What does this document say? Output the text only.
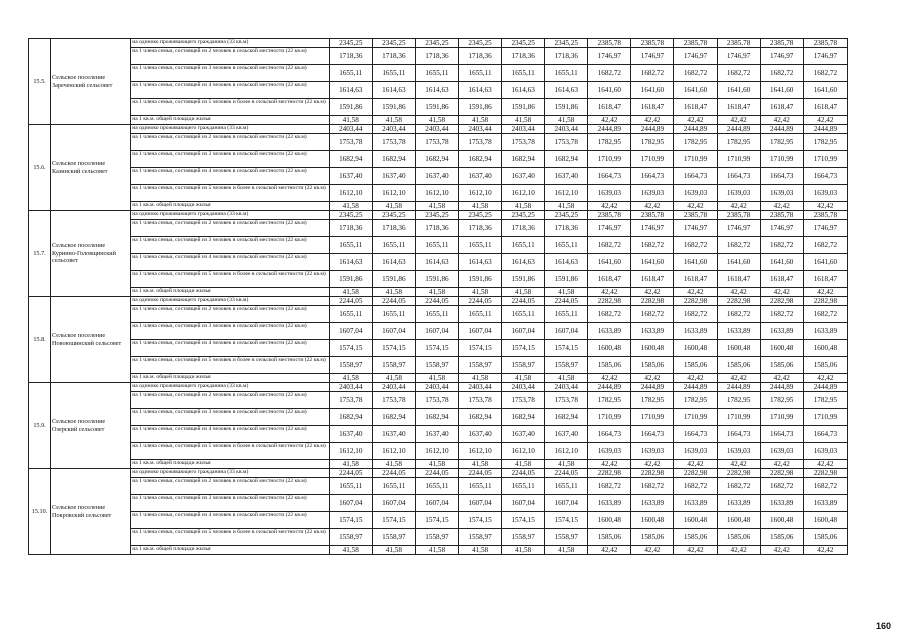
15.5.	Сельское поселение Зареченский сельсовет	на одиноко проживающего гражданина (33 кв.м)	2345,25	2345,25	2345,25	2345,25	2345,25	2345,25	2385,78	2385,78	2385,78	2385,78	2385,78	2385,78
		на 1 члена семьи, состоящей из 2 человек в сельской местности (22 кв.м)	1718,36	1718,36	1718,36	1718,36	1718,36	1718,36	1746,97	1746,97	1746,97	1746,97	1746,97	1746,97
		на 1 члена семьи, состоящей из 3 человек в сельской местности (22 кв.м)	1655,11	1655,11	1655,11	1655,11	1655,11	1655,11	1682,72	1682,72	1682,72	1682,72	1682,72	1682,72
		на 1 члена семьи, состоящей из 4 человек в сельской местности (22 кв.м)	1614,63	1614,63	1614,63	1614,63	1614,63	1614,63	1641,60	1641,60	1641,60	1641,60	1641,60	1641,60
		на 1 члена семьи, состоящей из 5 человек и более в сельской местности (22 кв.м)	1591,86	1591,86	1591,86	1591,86	1591,86	1591,86	1618,47	1618,47	1618,47	1618,47	1618,47	1618,47
		на 1 кв.м. общей площади жилья	41,58	41,58	41,58	41,58	41,58	41,58	42,42	42,42	42,42	42,42	42,42	42,42
15.6.	Сельское поселение Казинский сельсовет	на одиноко проживающего гражданина (33 кв.м)	2403,44	2403,44	2403,44	2403,44	2403,44	2403,44	2444,89	2444,89	2444,89	2444,89	2444,89	2444,89
		на 1 члена семьи, состоящей из 2 человек в сельской местности (22 кв.м)	1753,78	1753,78	1753,78	1753,78	1753,78	1753,78	1782,95	1782,95	1782,95	1782,95	1782,95	1782,95
		на 1 члена семьи, состоящей из 3 человек в сельской местности (22 кв.м)	1682,94	1682,94	1682,94	1682,94	1682,94	1682,94	1710,99	1710,99	1710,99	1710,99	1710,99	1710,99
		на 1 члена семьи, состоящей из 4 человек в сельской местности (22 кв.м)	1637,40	1637,40	1637,40	1637,40	1637,40	1637,40	1664,73	1664,73	1664,73	1664,73	1664,73	1664,73
		на 1 члена семьи, состоящей из 5 человек и более в сельской местности (22 кв.м)	1612,10	1612,10	1612,10	1612,10	1612,10	1612,10	1639,03	1639,03	1639,03	1639,03	1639,03	1639,03
		на 1 кв.м. общей площади жилья	41,58	41,58	41,58	41,58	41,58	41,58	42,42	42,42	42,42	42,42	42,42	42,42
15.7.	Сельское поселение Куриино-Головщинский сельсовет	на одиноко проживающего гражданина (33 кв.м)	2345,25	2345,25	2345,25	2345,25	2345,25	2345,25	2385,78	2385,78	2385,78	2385,78	2385,78	2385,78
		на 1 члена семьи, состоящей из 2 человек в сельской местности (22 кв.м)	1718,36	1718,36	1718,36	1718,36	1718,36	1718,36	1746,97	1746,97	1746,97	1746,97	1746,97	1746,97
		на 1 члена семьи, состоящей из 3 человек в сельской местности (22 кв.м)	1655,11	1655,11	1655,11	1655,11	1655,11	1655,11	1682,72	1682,72	1682,72	1682,72	1682,72	1682,72
		на 1 члена семьи, состоящей из 4 человек в сельской местности (22 кв.м)	1614,63	1614,63	1614,63	1614,63	1614,63	1614,63	1641,60	1641,60	1641,60	1641,60	1641,60	1641,60
		на 1 члена семьи, состоящей из 5 человек и более в сельской местности (22 кв.м)	1591,86	1591,86	1591,86	1591,86	1591,86	1591,86	1618,47	1618,47	1618,47	1618,47	1618,47	1618,47
		на 1 кв.м. общей площади жилья	41,58	41,58	41,58	41,58	41,58	41,58	42,42	42,42	42,42	42,42	42,42	42,42
15.8.	Сельское поселение Новоюшинский сельсовет	на одиноко проживающего гражданина (33 кв.м)	2244,05	2244,05	2244,05	2244,05	2244,05	2244,05	2282,98	2282,98	2282,98	2282,98	2282,98	2282,98
		на 1 члена семьи, состоящей из 2 человек в сельской местности (22 кв.м)	1655,11	1655,11	1655,11	1655,11	1655,11	1655,11	1682,72	1682,72	1682,72	1682,72	1682,72	1682,72
		на 1 члена семьи, состоящей из 3 человек в сельской местности (22 кв.м)	1607,04	1607,04	1607,04	1607,04	1607,04	1607,04	1633,89	1633,89	1633,89	1633,89	1633,89	1633,89
		на 1 члена семьи, состоящей из 4 человек в сельской местности (22 кв.м)	1574,15	1574,15	1574,15	1574,15	1574,15	1574,15	1600,48	1600,48	1600,48	1600,48	1600,48	1600,48
		на 1 члена семьи, состоящей из 5 человек и более в сельской местности (22 кв.м)	1558,97	1558,97	1558,97	1558,97	1558,97	1558,97	1585,06	1585,06	1585,06	1585,06	1585,06	1585,06
		на 1 кв.м. общей площади жилья	41,58	41,58	41,58	41,58	41,58	41,58	42,42	42,42	42,42	42,42	42,42	42,42
15.9.	Сельское поселение Озерский сельсовет	на одиноко проживающего гражданина (33 кв.м)	2403,44	2403,44	2403,44	2403,44	2403,44	2403,44	2444,89	2444,89	2444,89	2444,89	2444,89	2444,89
		на 1 члена семьи, состоящей из 2 человек в сельской местности (22 кв.м)	1753,78	1753,78	1753,78	1753,78	1753,78	1753,78	1782,95	1782,95	1782,95	1782,95	1782,95	1782,95
		на 1 члена семьи, состоящей из 3 человек в сельской местности (22 кв.м)	1682,94	1682,94	1682,94	1682,94	1682,94	1682,94	1710,99	1710,99	1710,99	1710,99	1710,99	1710,99
		на 1 члена семьи, состоящей из 4 человек в сельской местности (22 кв.м)	1637,40	1637,40	1637,40	1637,40	1637,40	1637,40	1664,73	1664,73	1664,73	1664,73	1664,73	1664,73
		на 1 члена семьи, состоящей из 5 человек и более в сельской местности (22 кв.м)	1612,10	1612,10	1612,10	1612,10	1612,10	1612,10	1639,03	1639,03	1639,03	1639,03	1639,03	1639,03
		на 1 кв.м. общей площади жилья	41,58	41,58	41,58	41,58	41,58	41,58	42,42	42,42	42,42	42,42	42,42	42,42
15.10.	Сельское поселение Покровский сельсовет	на одиноко проживающего гражданина (33 кв.м)	2244,05	2244,05	2244,05	2244,05	2244,05	2244,05	2282,98	2282,98	2282,98	2282,98	2282,98	2282,98
		на 1 члена семьи, состоящей из 2 человек в сельской местности (22 кв.м)	1655,11	1655,11	1655,11	1655,11	1655,11	1655,11	1682,72	1682,72	1682,72	1682,72	1682,72	1682,72
		на 1 члена семьи, состоящей из 3 человек в сельской местности (22 кв.м)	1607,04	1607,04	1607,04	1607,04	1607,04	1607,04	1633,89	1633,89	1633,89	1633,89	1633,89	1633,89
		на 1 члена семьи, состоящей из 4 человек в сельской местности (22 кв.м)	1574,15	1574,15	1574,15	1574,15	1574,15	1574,15	1600,48	1600,48	1600,48	1600,48	1600,48	1600,48
		на 1 члена семьи, состоящей из 5 человек и более в сельской местности (22 кв.м)	1558,97	1558,97	1558,97	1558,97	1558,97	1558,97	1585,06	1585,06	1585,06	1585,06	1585,06	1585,06
		на 1 кв.м. общей площади жилья	41,58	41,58	41,58	41,58	41,58	41,58	42,42	42,42	42,42	42,42	42,42	42,42
160
